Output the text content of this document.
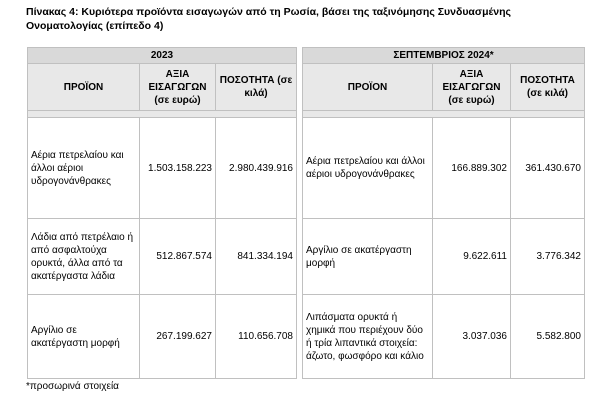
Πίνακας 4: Κυριότερα προϊόντα εισαγωγών από τη Ρωσία, βάσει της ταξινόμησης Συνδυασμένης Ονοματολογίας (επίπεδο 4)
2023				ΣΕΠΤΕΜΒΡΙΟΣ 2024*		
ΠΡΟΪΟΝ	ΑΞΙΑ ΕΙΣΑΓΩΓΩΝ (σε ευρώ)	ΠΟΣΟΤΗΤΑ (σε κιλά)		ΠΡΟΪΟΝ	ΑΞΙΑ ΕΙΣΑΓΩΓΩΝ (σε ευρώ)	ΠΟΣΟΤΗΤΑ (σε κιλά)

Αέρια πετρελαίου και άλλοι αέριοι υδρογονάνθρακες	1.503.158.223	2.980.439.916		Αέρια πετρελαίου και άλλοι αέριοι υδρογονάνθρακες	166.889.302	361.430.670
Λάδια από πετρέλαιο ή από ασφαλτούχα ορυκτά, άλλα από τα ακατέργαστα λάδια	512.867.574	841.334.194		Αργίλιο σε ακατέργαστη μορφή	9.622.611	3.776.342
Αργίλιο σε ακατέργαστη μορφή	267.199.627	110.656.708		Λιπάσματα ορυκτά ή χημικά που περιέχουν δύο ή τρία λιπαντικά στοιχεία: άζωτο, φωσφόρο και κάλιο	3.037.036	5.582.800
*προσωρινά στοιχεία
